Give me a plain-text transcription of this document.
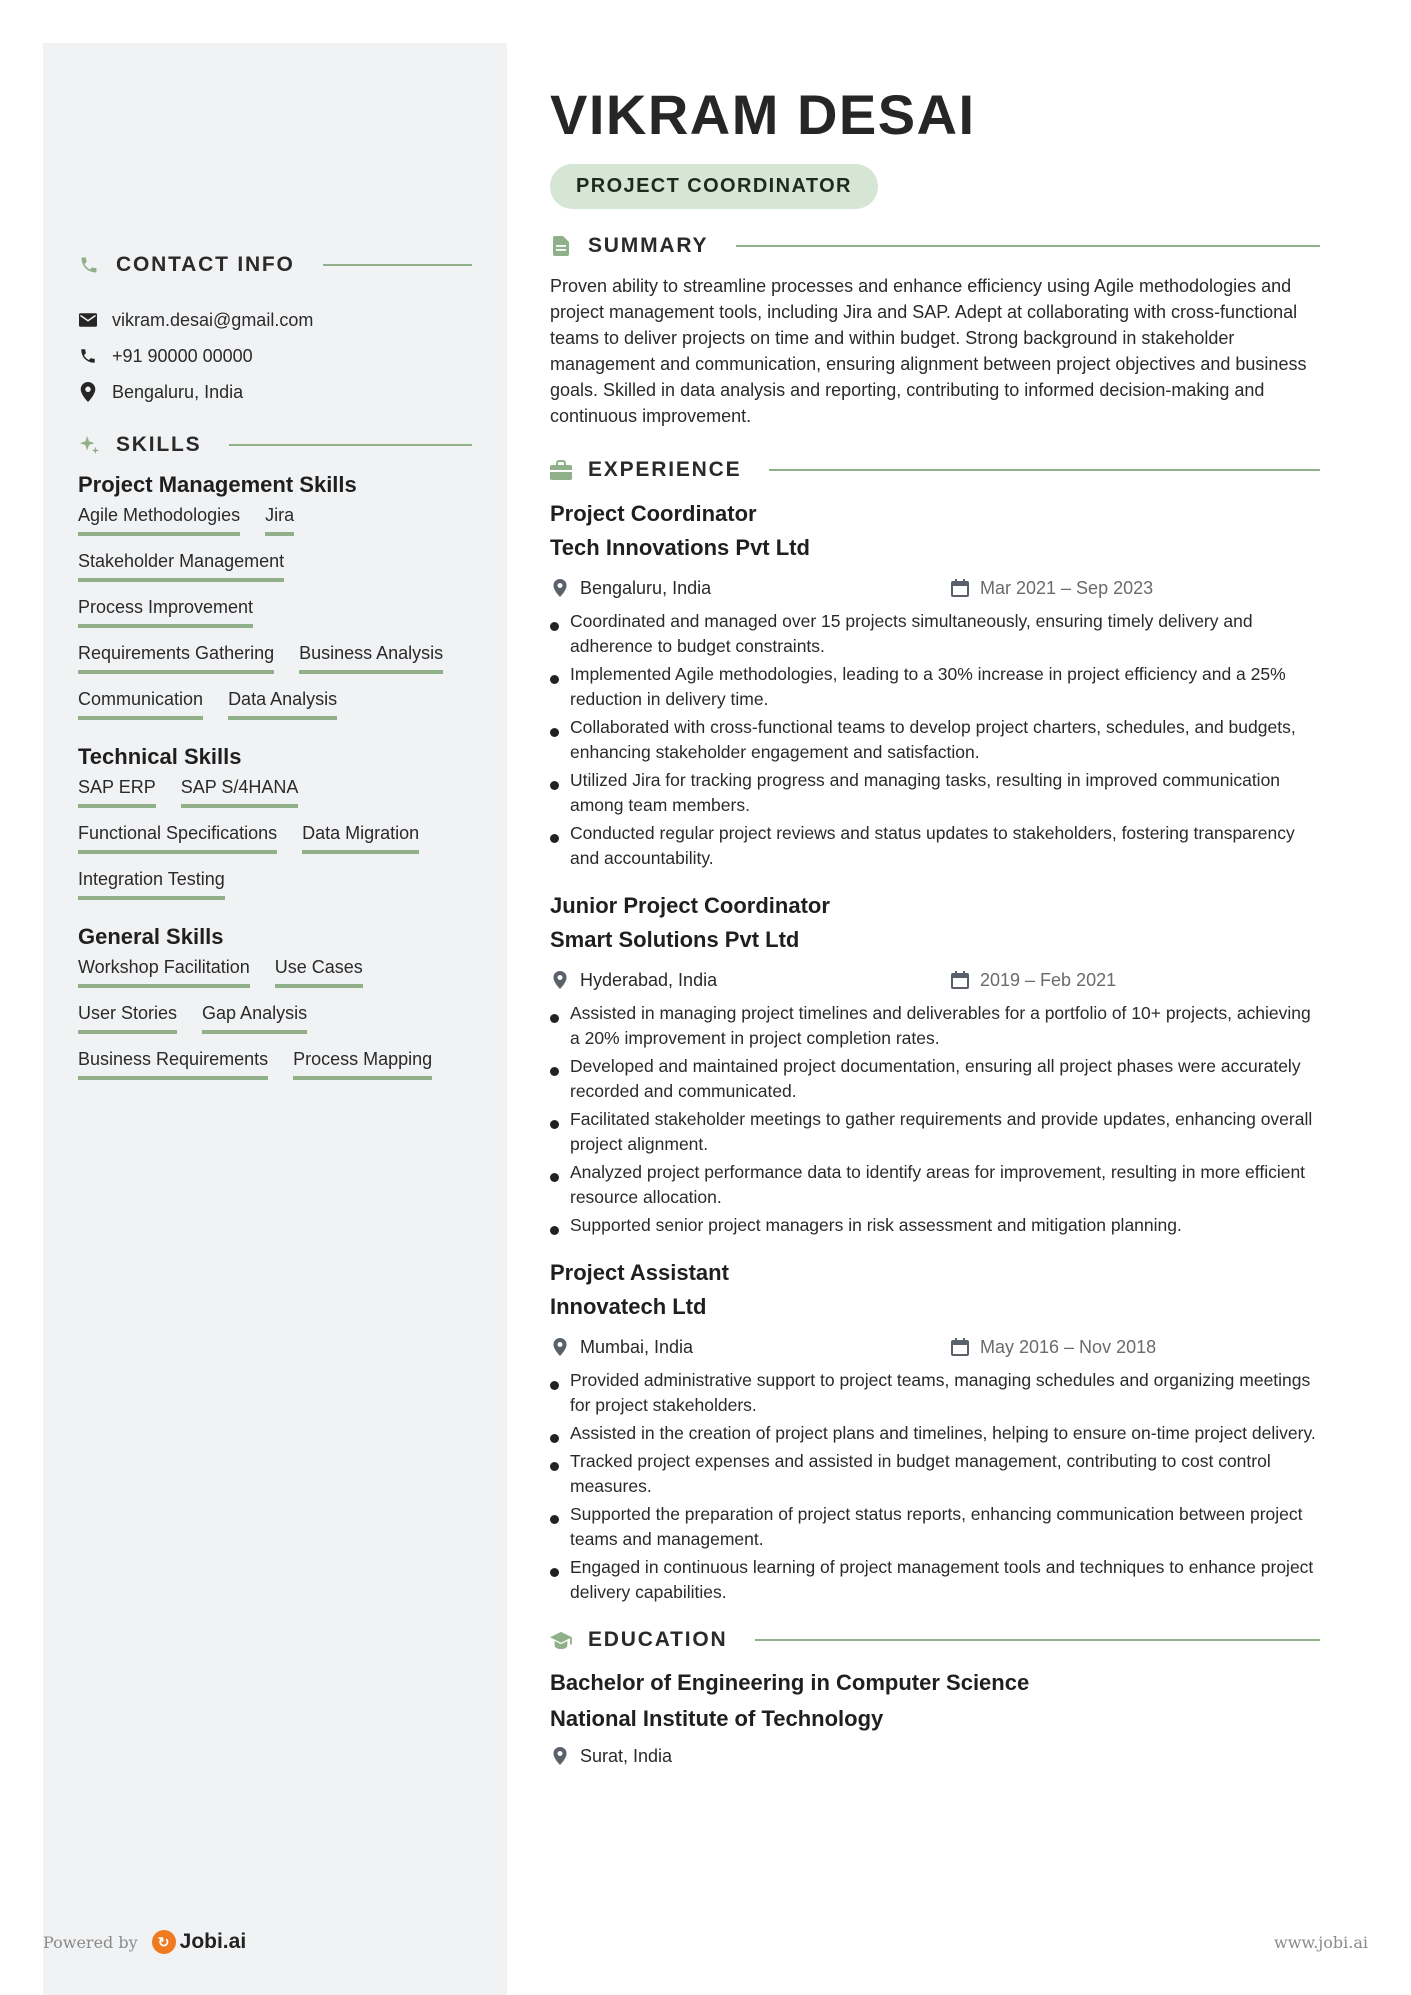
CONTACT INFO
vikram.desai@gmail.com
+91 90000 00000
Bengaluru, India
SKILLS
Project Management Skills
Agile Methodologies Jira
Stakeholder Management
Process Improvement
Requirements Gathering Business Analysis
Communication Data Analysis
Technical Skills
SAP ERP SAP S/4HANA
Functional Specifications Data Migration
Integration Testing
General Skills
Workshop Facilitation Use Cases
User Stories Gap Analysis
Business Requirements Process Mapping
VIKRAM DESAI
PROJECT COORDINATOR
SUMMARY
Proven ability to streamline processes and enhance efficiency using Agile methodologies and project management tools, including Jira and SAP. Adept at collaborating with cross-functional teams to deliver projects on time and within budget. Strong background in stakeholder management and communication, ensuring alignment between project objectives and business goals. Skilled in data analysis and reporting, contributing to informed decision-making and continuous improvement.
EXPERIENCE
Project Coordinator
Tech Innovations Pvt Ltd
Bengaluru, India	Mar 2021 – Sep 2023
Coordinated and managed over 15 projects simultaneously, ensuring timely delivery and adherence to budget constraints.
Implemented Agile methodologies, leading to a 30% increase in project efficiency and a 25% reduction in delivery time.
Collaborated with cross-functional teams to develop project charters, schedules, and budgets, enhancing stakeholder engagement and satisfaction.
Utilized Jira for tracking progress and managing tasks, resulting in improved communication among team members.
Conducted regular project reviews and status updates to stakeholders, fostering transparency and accountability.
Junior Project Coordinator
Smart Solutions Pvt Ltd
Hyderabad, India	2019 – Feb 2021
Assisted in managing project timelines and deliverables for a portfolio of 10+ projects, achieving a 20% improvement in project completion rates.
Developed and maintained project documentation, ensuring all project phases were accurately recorded and communicated.
Facilitated stakeholder meetings to gather requirements and provide updates, enhancing overall project alignment.
Analyzed project performance data to identify areas for improvement, resulting in more efficient resource allocation.
Supported senior project managers in risk assessment and mitigation planning.
Project Assistant
Innovatech Ltd
Mumbai, India	May 2016 – Nov 2018
Provided administrative support to project teams, managing schedules and organizing meetings for project stakeholders.
Assisted in the creation of project plans and timelines, helping to ensure on-time project delivery.
Tracked project expenses and assisted in budget management, contributing to cost control measures.
Supported the preparation of project status reports, enhancing communication between project teams and management.
Engaged in continuous learning of project management tools and techniques to enhance project delivery capabilities.
EDUCATION
Bachelor of Engineering in Computer Science
National Institute of Technology
Surat, India
Powered by	↻ Jobi.ai	www.jobi.ai
